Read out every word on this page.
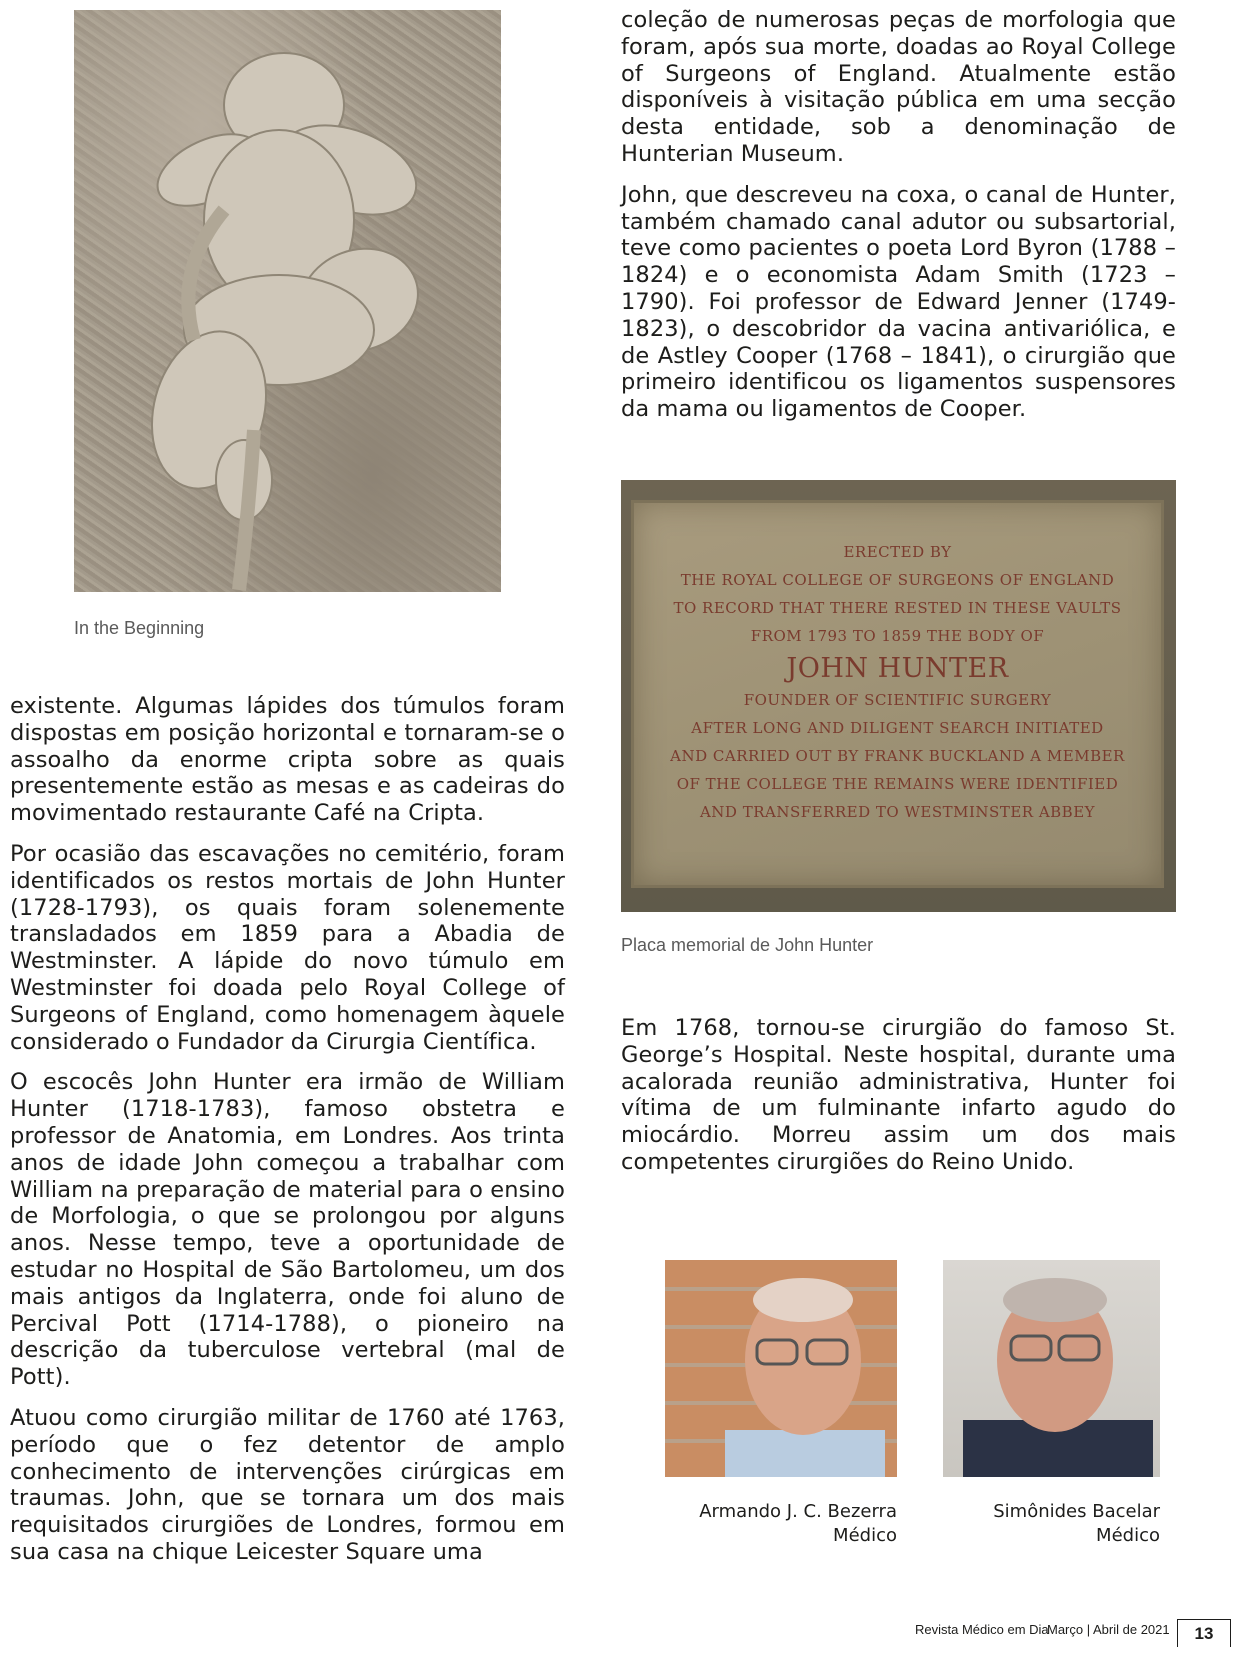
coleção de numerosas peças de morfologia que foram, após sua morte, doadas ao Royal College of Surgeons of England. Atualmente estão disponíveis à visitação pública em uma secção desta entidade, sob a denominação de Hunterian Museum.

John, que descreveu na coxa, o canal de Hunter, também chamado canal adutor ou subsartorial, teve como pacientes o poeta Lord Byron (1788 – 1824) e o economista Adam Smith (1723 – 1790). Foi professor de Edward Jenner (1749-1823), o descobridor da vacina antivariólica, e de Astley Cooper (1768 – 1841), o cirurgião que primeiro identificou os ligamentos suspensores da mama ou ligamentos de Cooper.

In the Beginning
ERECTED BY
THE ROYAL COLLEGE OF SURGEONS OF ENGLAND
TO RECORD THAT THERE RESTED IN THESE VAULTS
FROM 1793 TO 1859 THE BODY OF
JOHN HUNTER
FOUNDER OF SCIENTIFIC SURGERY
AFTER LONG AND DILIGENT SEARCH INITIATED
AND CARRIED OUT BY FRANK BUCKLAND A MEMBER
OF THE COLLEGE THE REMAINS WERE IDENTIFIED
AND TRANSFERRED TO WESTMINSTER ABBEY
Placa memorial de John Hunter

existente. Algumas lápides dos túmulos foram dispostas em posição horizontal e tornaram-se o assoalho da enorme cripta sobre as quais presentemente estão as mesas e as cadeiras do movimentado restaurante Café na Cripta.

Por ocasião das escavações no cemitério, foram identificados os restos mortais de John Hunter (1728-1793), os quais foram solenemente transladados em 1859 para a Abadia de Westminster. A lápide do novo túmulo em Westminster foi doada pelo Royal College of Surgeons of England, como homenagem àquele considerado o Fundador da Cirurgia Científica.

O escocês John Hunter era irmão de William Hunter (1718-1783), famoso obstetra e professor de Anatomia, em Londres. Aos trinta anos de idade John começou a trabalhar com William na preparação de material para o ensino de Morfologia, o que se prolongou por alguns anos. Nesse tempo, teve a oportunidade de estudar no Hospital de São Bartolomeu, um dos mais antigos da Inglaterra, onde foi aluno de Percival Pott (1714-1788), o pioneiro na descrição da tuberculose vertebral (mal de Pott).

Atuou como cirurgião militar de 1760 até 1763, período que o fez detentor de amplo conhecimento de intervenções cirúrgicas em traumas. John, que se tornara um dos mais requisitados cirurgiões de Londres, formou em sua casa na chique Leicester Square uma

Em 1768, tornou-se cirurgião do famoso St. George’s Hospital. Neste hospital, durante uma acalorada reunião administrativa, Hunter foi vítima de um fulminante infarto agudo do miocárdio. Morreu assim um dos mais competentes cirurgiões do Reino Unido.

Armando J. C. Bezerra
Médico
Simônides Bacelar
Médico
Revista Médico em Dia
Março | Abril de 2021	13
